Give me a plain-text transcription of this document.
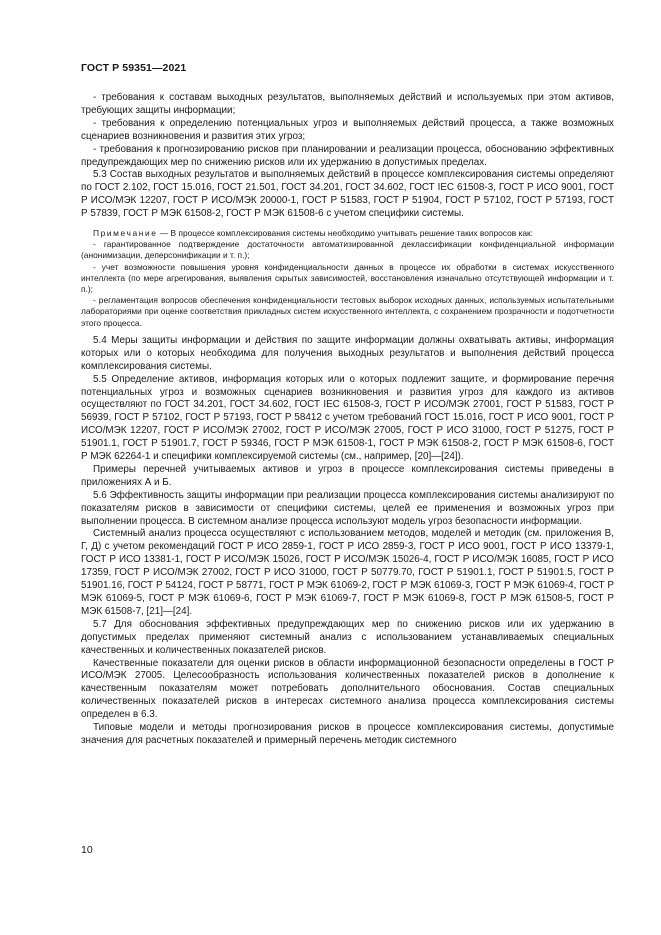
ГОСТ Р 59351—2021

- требования к составам выходных результатов, выполняемых действий и используемых при этом активов, требующих защиты информации;

- требования к определению потенциальных угроз и выполняемых действий процесса, а также возможных сценариев возникновения и развития этих угроз;

- требования к прогнозированию рисков при планировании и реализации процесса, обоснованию эффективных предупреждающих мер по снижению рисков или их удержанию в допустимых пределах.

5.3 Состав выходных результатов и выполняемых действий в процессе комплексирования системы определяют по ГОСТ 2.102, ГОСТ 15.016, ГОСТ 21.501, ГОСТ 34.201, ГОСТ 34.602, ГОСТ IEC 61508-3, ГОСТ Р ИСО 9001, ГОСТ Р ИСО/МЭК 12207, ГОСТ Р ИСО/МЭК 20000-1, ГОСТ Р 51583, ГОСТ Р 51904, ГОСТ Р 57102, ГОСТ Р 57193, ГОСТ Р 57839, ГОСТ Р МЭК 61508-2, ГОСТ Р МЭК 61508-6 с учетом специфики системы.

Примечание — В процессе комплексирования системы необходимо учитывать решение таких вопросов как:

- гарантированное подтверждение достаточности автоматизированной деклассификации конфиденциальной информации (анонимизации, деперсонификации и т. п.);

- учет возможности повышения уровня конфиденциальности данных в процессе их обработки в системах искусственного интеллекта (по мере агрегирования, выявления скрытых зависимостей, восстановления изначально отсутствующей информации и т. п.);

- регламентация вопросов обеспечения конфиденциальности тестовых выборок исходных данных, используемых испытательными лабораториями при оценке соответствия прикладных систем искусственного интеллекта, с сохранением прозрачности и подотчетности этого процесса.

5.4 Меры защиты информации и действия по защите информации должны охватывать активы, информация которых или о которых необходима для получения выходных результатов и выполнения действий процесса комплексирования системы.

5.5 Определение активов, информация которых или о которых подлежит защите, и формирование перечня потенциальных угроз и возможных сценариев возникновения и развития угроз для каждого из активов осуществляют по ГОСТ 34.201, ГОСТ 34.602, ГОСТ IEC 61508-3, ГОСТ Р ИСО/МЭК 27001, ГОСТ Р 51583, ГОСТ Р 56939, ГОСТ Р 57102, ГОСТ Р 57193, ГОСТ Р 58412 с учетом требований ГОСТ 15.016, ГОСТ Р ИСО 9001, ГОСТ Р ИСО/МЭК 12207, ГОСТ Р ИСО/МЭК 27002, ГОСТ Р ИСО/МЭК 27005, ГОСТ Р ИСО 31000, ГОСТ Р 51275, ГОСТ Р 51901.1, ГОСТ Р 51901.7, ГОСТ Р 59346, ГОСТ Р МЭК 61508-1, ГОСТ Р МЭК 61508-2, ГОСТ Р МЭК 61508-6, ГОСТ Р МЭК 62264-1 и специфики комплексируемой системы (см., например, [20]—[24]).

Примеры перечней учитываемых активов и угроз в процессе комплексирования системы приведены в приложениях А и Б.

5.6 Эффективность защиты информации при реализации процесса комплексирования системы анализируют по показателям рисков в зависимости от специфики системы, целей ее применения и возможных угроз при выполнении процесса. В системном анализе процесса используют модель угроз безопасности информации.

Системный анализ процесса осуществляют с использованием методов, моделей и методик (см. приложения В, Г, Д) с учетом рекомендаций ГОСТ Р ИСО 2859-1, ГОСТ Р ИСО 2859-3, ГОСТ Р ИСО 9001, ГОСТ Р ИСО 13379-1, ГОСТ Р ИСО 13381-1, ГОСТ Р ИСО/МЭК 15026, ГОСТ Р ИСО/МЭК 15026-4, ГОСТ Р ИСО/МЭК 16085, ГОСТ Р ИСО 17359, ГОСТ Р ИСО/МЭК 27002, ГОСТ Р ИСО 31000, ГОСТ Р 50779.70, ГОСТ Р 51901.1, ГОСТ Р 51901.5, ГОСТ Р 51901.16, ГОСТ Р 54124, ГОСТ Р 58771, ГОСТ Р МЭК 61069-2, ГОСТ Р МЭК 61069-3, ГОСТ Р МЭК 61069-4, ГОСТ Р МЭК 61069-5, ГОСТ Р МЭК 61069-6, ГОСТ Р МЭК 61069-7, ГОСТ Р МЭК 61069-8, ГОСТ Р МЭК 61508-5, ГОСТ Р МЭК 61508-7, [21]—[24].

5.7 Для обоснования эффективных предупреждающих мер по снижению рисков или их удержанию в допустимых пределах применяют системный анализ с использованием устанавливаемых специальных качественных и количественных показателей рисков.

Качественные показатели для оценки рисков в области информационной безопасности определены в ГОСТ Р ИСО/МЭК 27005. Целесообразность использования количественных показателей рисков в дополнение к качественным показателям может потребовать дополнительного обоснования. Состав специальных количественных показателей рисков в интересах системного анализа процесса комплексирования системы определен в 6.3.

Типовые модели и методы прогнозирования рисков в процессе комплексирования системы, допустимые значения для расчетных показателей и примерный перечень методик системного

10
